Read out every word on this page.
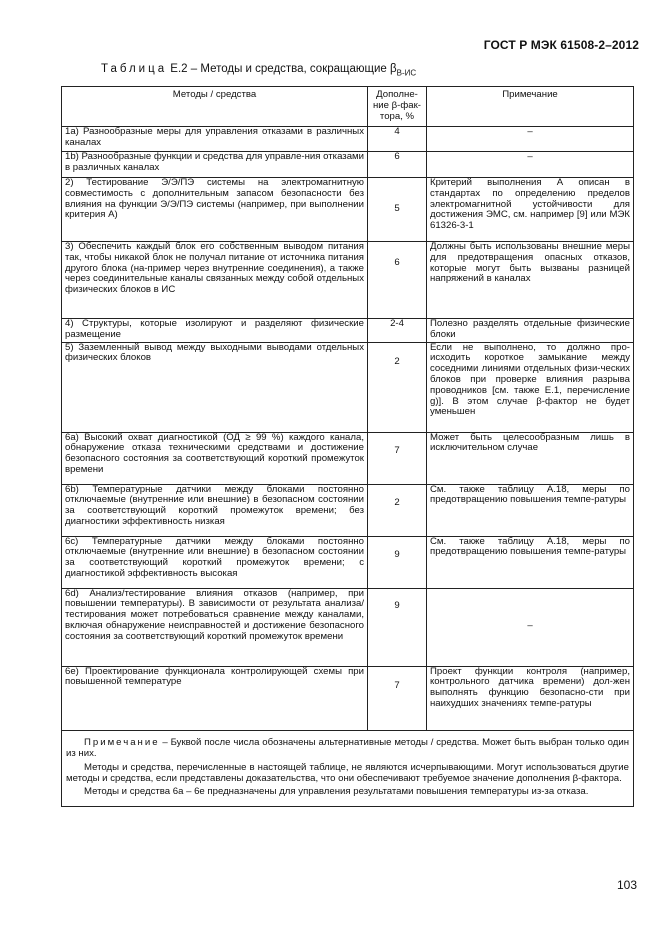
ГОСТ Р МЭК 61508-2–2012
Таблица Е.2 – Методы и средства, сокращающие $\beta_{В-ИС}$
Методы / средства	Дополне-ние β-фак-тора, %	Примечание
1a) Разнообразные меры для управления отказами в различных каналах	4	–
1b) Разнообразные функции и средства для управле-ния отказами в различных каналах	6	–
2) Тестирование Э/Э/ПЭ системы на электромагнитную совместимость с дополнительным запасом безопасности без влияния на функции Э/Э/ПЭ системы (например, при выполнении критерия А)	5	Критерий выполнения А описан в стандартах по определению пределов электромагнитной устойчивости для достижения ЭМС, см. например [9] или МЭК 61326-3-1
3) Обеспечить каждый блок его собственным выводом питания так, чтобы никакой блок не получал питание от источника питания другого блока (на-пример через внутренние соединения), а также через соединительные каналы связанных между собой отдельных физических блоков в ИС	6	Должны быть использованы внешние меры для предотвращения опасных отказов, которые могут быть вызваны разницей напряжений в каналах
4) Структуры, которые изолируют и разделяют физические размещение	2-4	Полезно разделять отдельные физические блоки
5) Заземленный вывод между выходными выводами отдельных физических блоков	2	Если не выполнено, то должно про-исходить короткое замыкание между соседними линиями отдельных физи-ческих блоков при проверке влияния разрыва проводников [см. также Е.1, перечисление g)]. В этом случае β-фактор не будет уменьшен
6a) Высокий охват диагностикой (ОД ≥ 99 %) каждого канала, обнаружение отказа техническими средствами и достижение безопасного состояния за соответствующий короткий промежуток времени	7	Может быть целесообразным лишь в исключительном случае
6b) Температурные датчики между блоками постоянно отключаемые (внутренние или внешние) в безопасном состоянии за соответствующий короткий промежуток времени; без диагностики эффективность низкая	2	См. также таблицу А.18, меры по предотвращению повышения темпе-ратуры
6c) Температурные датчики между блоками постоянно отключаемые (внутренние или внешние) в безопасном состоянии за соответствующий короткий промежуток времени; с диагностикой эффективность высокая	9	См. также таблицу А.18, меры по предотвращению повышения темпе-ратуры
6d) Анализ/тестирование влияния отказов (например, при повышении температуры). В зависимости от результата анализа/тестирования может потребоваться сравнение между каналами, включая обнаружение неисправностей и достижение безопасного состояния за соответствующий короткий промежуток времени	9	–
6e) Проектирование функционала контролирующей схемы при повышенной температуре	7	Проект функции контроля (например, контрольного датчика времени) дол-жен выполнять функцию безопасно-сти при наихудших значениях темпе-ратуры

Примечание – Буквой после числа обозначены альтернативные методы / средства. Может быть выбран только один из них.

Методы и средства, перечисленные в настоящей таблице, не являются исчерпывающими. Могут использоваться другие методы и средства, если представлены доказательства, что они обеспечивают требуемое значение дополнения β-фактора.

Методы и средства 6a – 6e предназначены для управления результатами повышения температуры из-за отказа.		

103
